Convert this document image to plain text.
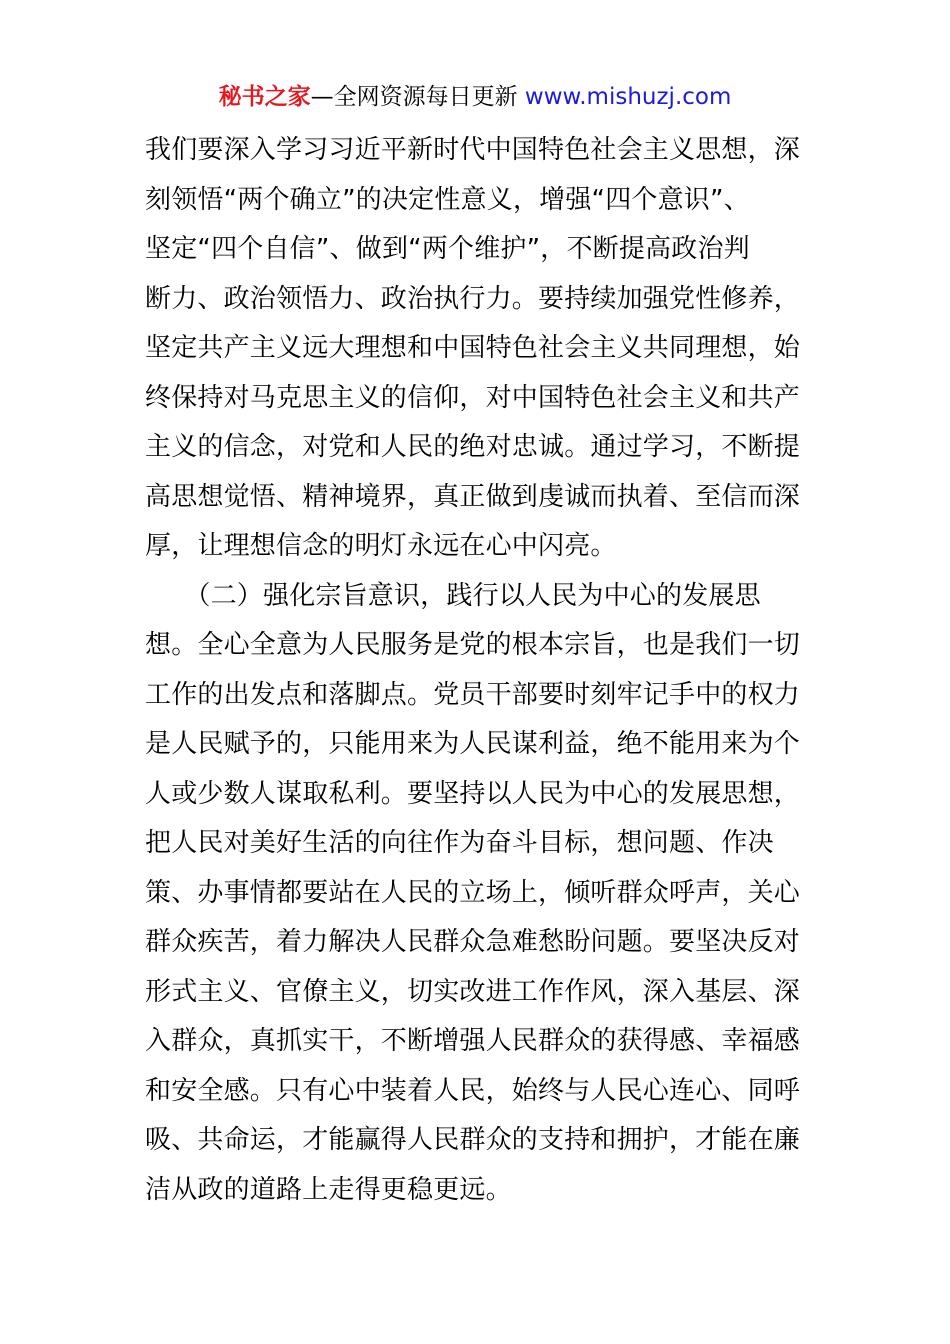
秘书之家—全网资源每日更新 www.mishuzj.com
我们要深入学习习近平新时代中国特色社会主义思想，深
刻领悟“两个确立”的决定性意义，增强“四个意识”、
坚定“四个自信”、做到“两个维护”，不断提高政治判
断力、政治领悟力、政治执行力。要持续加强党性修养，
坚定共产主义远大理想和中国特色社会主义共同理想，始
终保持对马克思主义的信仰，对中国特色社会主义和共产
主义的信念，对党和人民的绝对忠诚。通过学习，不断提
高思想觉悟、精神境界，真正做到虔诚而执着、至信而深
厚，让理想信念的明灯永远在心中闪亮。
　　（二）强化宗旨意识，践行以人民为中心的发展思
想。全心全意为人民服务是党的根本宗旨，也是我们一切
工作的出发点和落脚点。党员干部要时刻牢记手中的权力
是人民赋予的，只能用来为人民谋利益，绝不能用来为个
人或少数人谋取私利。要坚持以人民为中心的发展思想，
把人民对美好生活的向往作为奋斗目标，想问题、作决
策、办事情都要站在人民的立场上，倾听群众呼声，关心
群众疾苦，着力解决人民群众急难愁盼问题。要坚决反对
形式主义、官僚主义，切实改进工作作风，深入基层、深
入群众，真抓实干，不断增强人民群众的获得感、幸福感
和安全感。只有心中装着人民，始终与人民心连心、同呼
吸、共命运，才能赢得人民群众的支持和拥护，才能在廉
洁从政的道路上走得更稳更远。
